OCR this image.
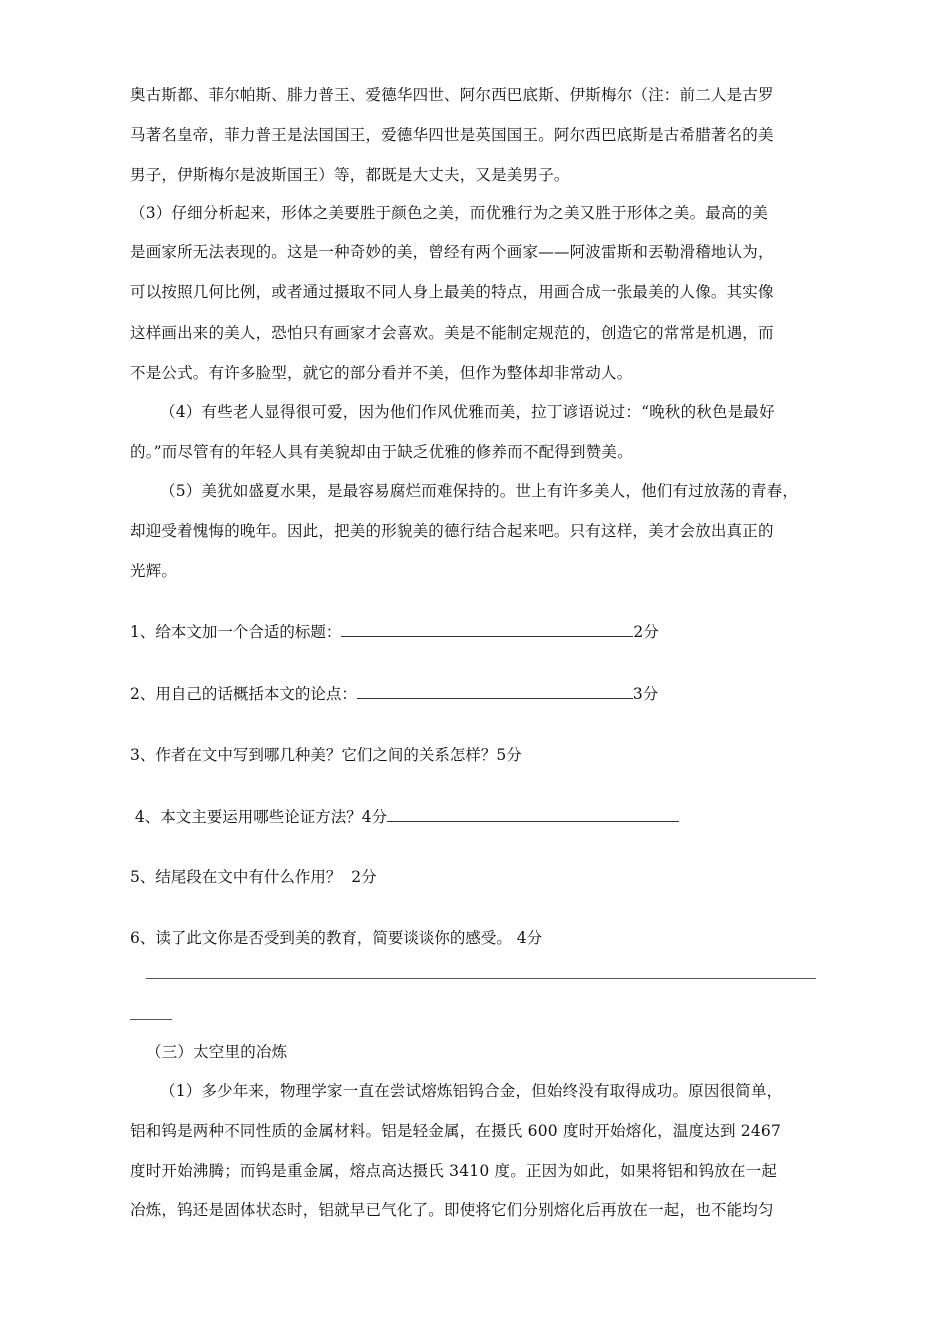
奥古斯都、菲尔帕斯、腓力普王、爱德华四世、阿尔西巴底斯、伊斯梅尔（注：前二人是古罗
马著名皇帝，菲力普王是法国国王，爱德华四世是英国国王。阿尔西巴底斯是古希腊著名的美
男子，伊斯梅尔是波斯国王）等，都既是大丈夫，又是美男子。
（3）仔细分析起来，形体之美要胜于颜色之美，而优雅行为之美又胜于形体之美。最高的美
是画家所无法表现的。这是一种奇妙的美，曾经有两个画家——阿波雷斯和丟勒滑稽地认为，
可以按照几何比例，或者通过摄取不同人身上最美的特点，用画合成一张最美的人像。其实像
这样画出来的美人，恐怕只有画家才会喜欢。美是不能制定规范的，创造它的常常是机遇，而
不是公式。有许多脸型，就它的部分看并不美，但作为整体却非常动人。
（4）有些老人显得很可爱，因为他们作风优雅而美，拉丁谚语说过：“晚秋的秋色是最好
的。”而尽管有的年轻人具有美貌却由于缺乏优雅的修养而不配得到赞美。
（5）美犹如盛夏水果，是最容易腐烂而难保持的。世上有许多美人，他们有过放荡的青春，
却迎受着愧悔的晚年。因此，把美的形貌美的德行结合起来吧。只有这样，美才会放出真正的
光辉。
1、给本文加一个合适的标题：	2分
2、用自己的话概括本文的论点：	3分
3、作者在文中写到哪几种美？它们之间的关系怎样？5分
4、本文主要运用哪些论证方法？4分
5、结尾段在文中有什么作用？  2分
6、读了此文你是否受到美的教育，简要谈谈你的感受。 4分
（三）太空里的冶炼
（1）多少年来，物理学家一直在尝试熔炼铝钨合金，但始终没有取得成功。原因很简单，
铝和钨是两种不同性质的金属材料。铝是轻金属，在摄氏 600 度时开始熔化，温度达到 2467
度时开始沸腾；而钨是重金属，熔点高达摄氏 3410 度。正因为如此，如果将铝和钨放在一起
冶炼，钨还是固体状态时，铝就早已气化了。即使将它们分别熔化后再放在一起，也不能均匀
